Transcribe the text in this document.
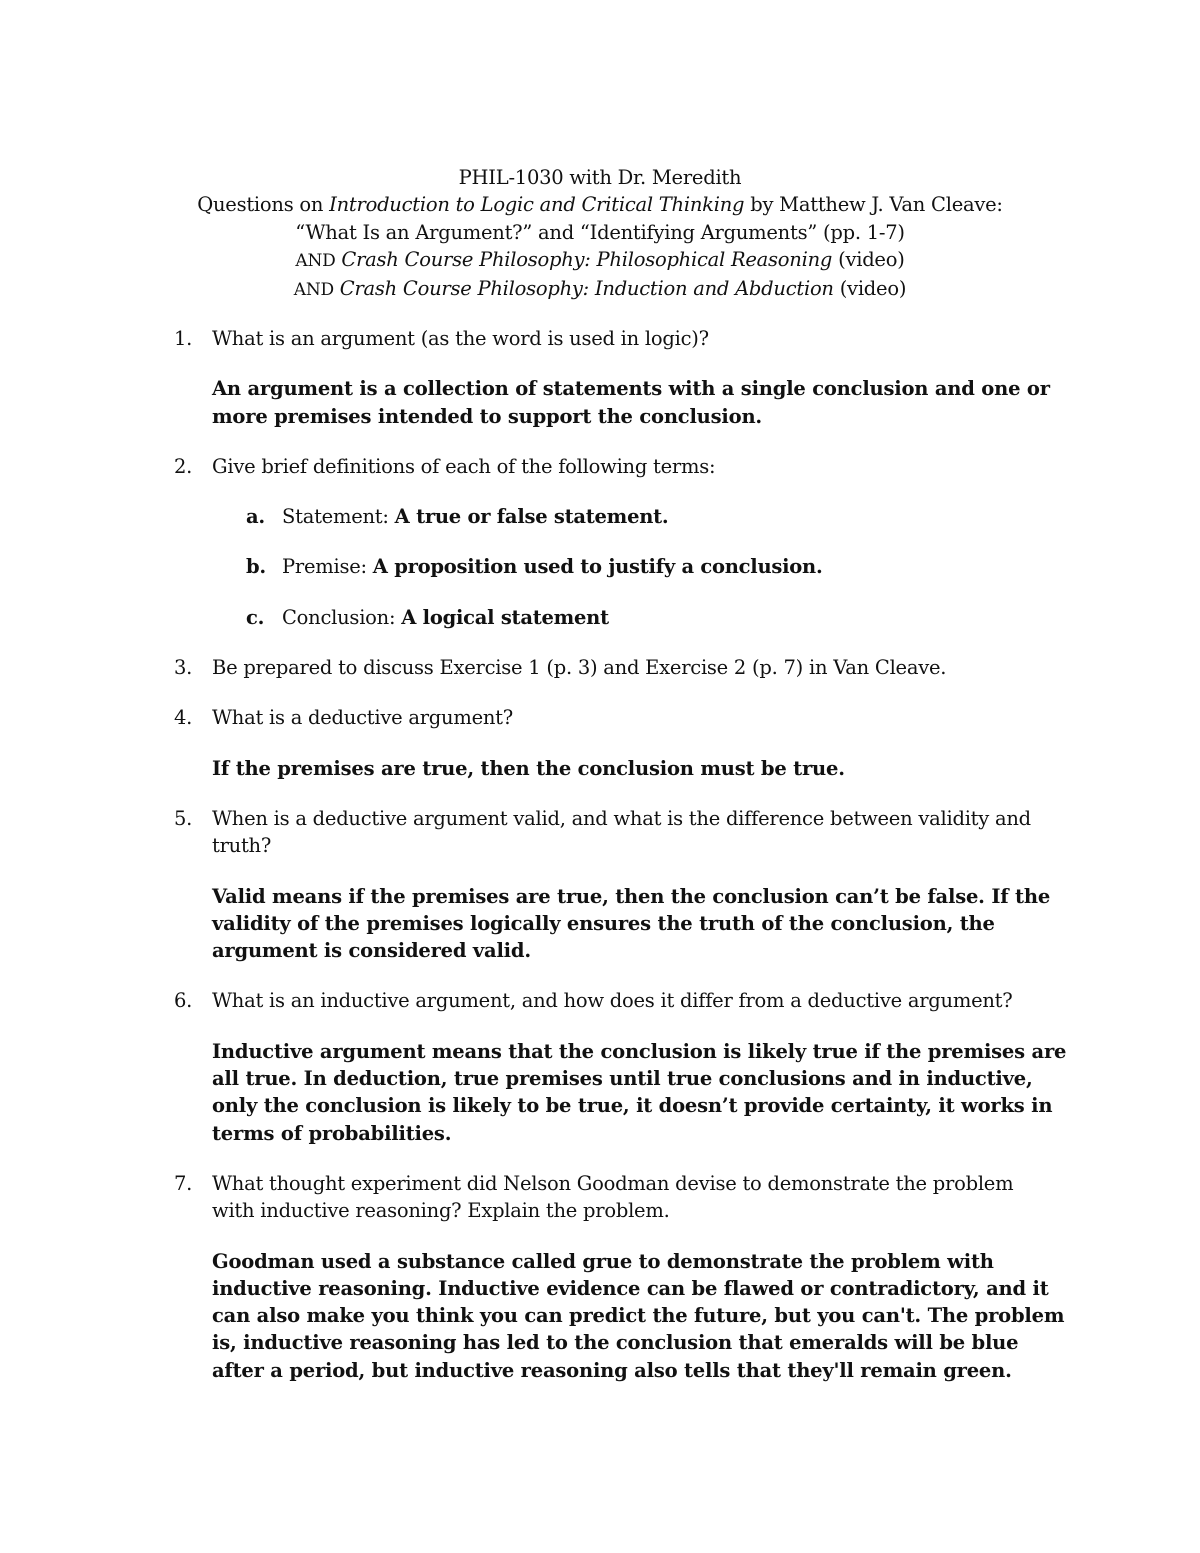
PHIL-1030 with Dr. Meredith
Questions on Introduction to Logic and Critical Thinking by Matthew J. Van Cleave:
“What Is an Argument?” and “Identifying Arguments” (pp. 1-7)
AND Crash Course Philosophy: Philosophical Reasoning (video)
AND Crash Course Philosophy: Induction and Abduction (video)
1. What is an argument (as the word is used in logic)?
An argument is a collection of statements with a single conclusion and one or more premises intended to support the conclusion.
2. Give brief definitions of each of the following terms:
a. Statement: A true or false statement.
b. Premise: A proposition used to justify a conclusion.
c. Conclusion: A logical statement
3. Be prepared to discuss Exercise 1 (p. 3) and Exercise 2 (p. 7) in Van Cleave.
4. What is a deductive argument?
If the premises are true, then the conclusion must be true.
5. When is a deductive argument valid, and what is the difference between validity and truth?
Valid means if the premises are true, then the conclusion can’t be false. If the validity of the premises logically ensures the truth of the conclusion, the argument is considered valid.
6. What is an inductive argument, and how does it differ from a deductive argument?
Inductive argument means that the conclusion is likely true if the premises are all true. In deduction, true premises until true conclusions and in inductive, only the conclusion is likely to be true, it doesn’t provide certainty, it works in terms of probabilities.
7. What thought experiment did Nelson Goodman devise to demonstrate the problem with inductive reasoning? Explain the problem.
Goodman used a substance called grue to demonstrate the problem with inductive reasoning. Inductive evidence can be flawed or contradictory, and it can also make you think you can predict the future, but you can't. The problem is, inductive reasoning has led to the conclusion that emeralds will be blue after a period, but inductive reasoning also tells that they'll remain green.
